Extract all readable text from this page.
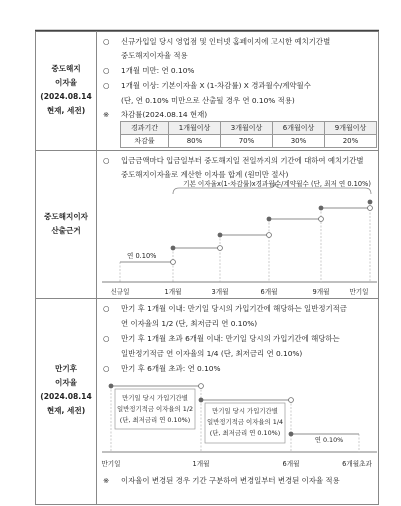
중도해지
이자율
(2024.08.14
현재, 세전)
○ 신규가입일 당시 영업점 및 인터넷 홈페이지에 고시한 예치기간별
중도해지이자율 적용
○ 1개월 미만: 연 0.10%
○ 1개월 이상: 기본이자율 X (1-차감률) X 경과월수/계약월수
(단, 연 0.10% 미만으로 산출될 경우 연 0.10% 적용)
※ 차감률(2024.08.14 현재)
경과기간	1개월이상	3개월이상	6개월이상	9개월이상
차감률	80%	70%	30%	20%
중도해지이자
산출근거
○ 입금금액마다 입금일부터 중도해지일 전일까지의 기간에 대하여 예치기간별
중도해지이자율로 계산한 이자를 합계 (원미만 절사)
기본 이자율x(1-차감률)x경과월수/계약월수 (단, 최저 연 0.10%)
연 0.10%
신규일	1개월	3개월	6개월	9개월	만기일
만기후
이자율
(2024.08.14
현재, 세전)
○ 만기 후 1개월 이내: 만기일 당시의 가입기간에 해당하는 일반정기적금
연 이자율의 1/2 (단, 최저금리 연 0.10%)
○ 만기 후 1개월 초과 6개월 이내: 만기일 당시의 가입기간에 해당하는
일반정기적금 연 이자율의 1/4 (단, 최저금리 연 0.10%)
○ 만기 후 6개월 초과: 연 0.10%
만기일 당시 가입기간별
일반정기적금 이자율의 1/2
(단, 최저금리 연 0.10%)
만기일 당시 가입기간별
일반정기적금 이자율의 1/4
(단, 최저금리 연 0.10%)
연 0.10%
만기일	1개월	6개월	6개월초과
※ 이자율이 변경된 경우 기간 구분하여 변경일부터 변경된 이자율 적용
